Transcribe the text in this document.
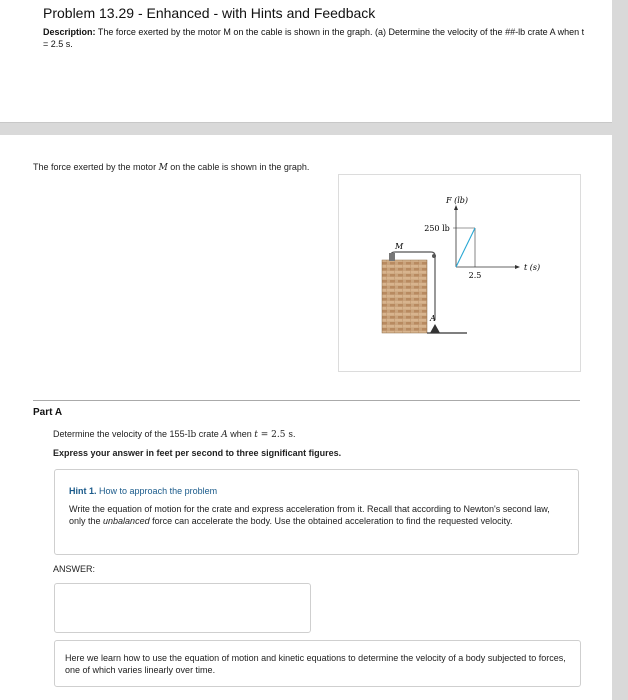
Problem 13.29 - Enhanced - with Hints and Feedback
Description: The force exerted by the motor M on the cable is shown in the graph. (a) Determine the velocity of the ##-lb crate A when t = 2.5 s.
The force exerted by the motor M on the cable is shown in the graph.
F (lb)
250 lb
2.5
t (s)
M
A
Part A
Determine the velocity of the 155-lb crate A when t = 2.5 s.
Express your answer in feet per second to three significant figures.
Hint 1. How to approach the problem
Write the equation of motion for the crate and express acceleration from it. Recall that according to Newton's second law, only the unbalanced force can accelerate the body. Use the obtained acceleration to find the requested velocity.
ANSWER:
Here we learn how to use the equation of motion and kinetic equations to determine the velocity of a body subjected to forces, one of which varies linearly over time.
